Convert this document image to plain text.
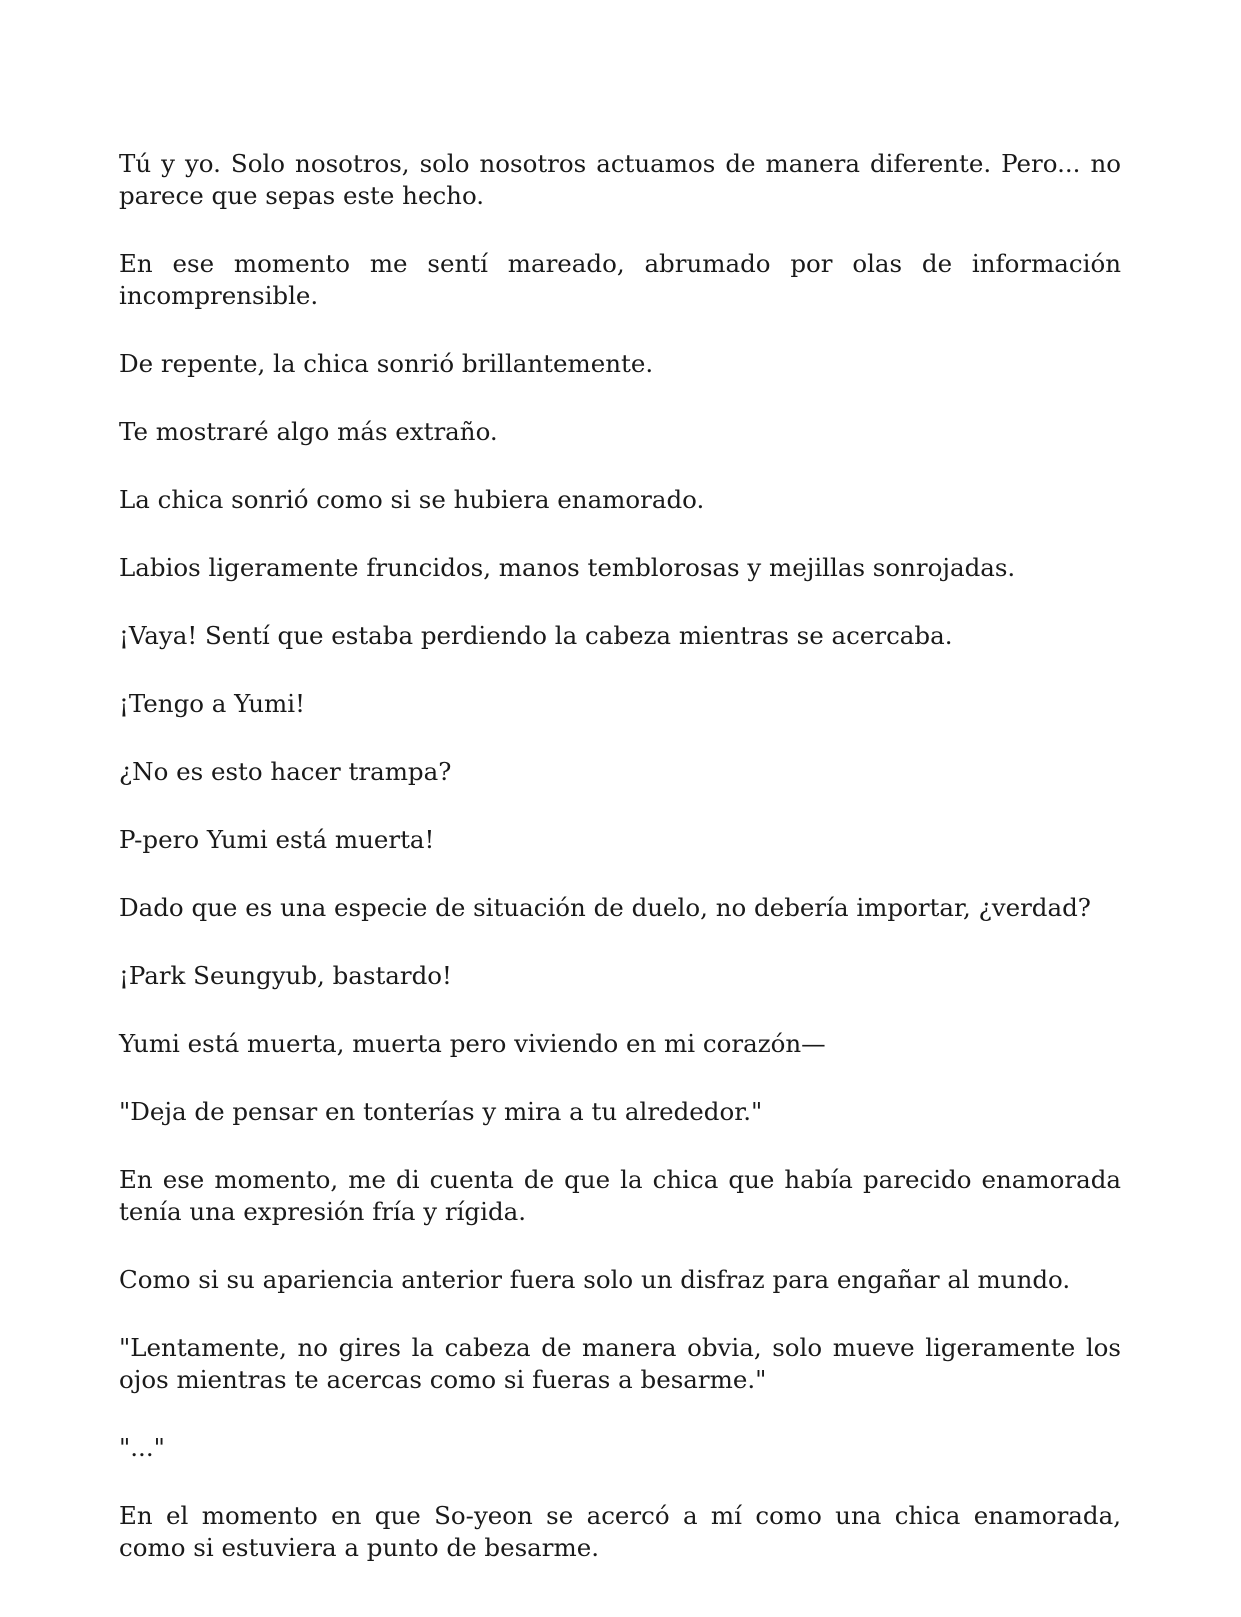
Tú y yo. Solo nosotros, solo nosotros actuamos de manera diferente. Pero... no parece que sepas este hecho.

En ese momento me sentí mareado, abrumado por olas de información incomprensible.

De repente, la chica sonrió brillantemente.

Te mostraré algo más extraño.

La chica sonrió como si se hubiera enamorado.

Labios ligeramente fruncidos, manos temblorosas y mejillas sonrojadas.

¡Vaya! Sentí que estaba perdiendo la cabeza mientras se acercaba.

¡Tengo a Yumi!

¿No es esto hacer trampa?

P-pero Yumi está muerta!

Dado que es una especie de situación de duelo, no debería importar, ¿verdad?

¡Park Seungyub, bastardo!

Yumi está muerta, muerta pero viviendo en mi corazón—

"Deja de pensar en tonterías y mira a tu alrededor."

En ese momento, me di cuenta de que la chica que había parecido enamorada tenía una expresión fría y rígida.

Como si su apariencia anterior fuera solo un disfraz para engañar al mundo.

"Lentamente, no gires la cabeza de manera obvia, solo mueve ligeramente los ojos mientras te acercas como si fueras a besarme."

"..."

En el momento en que So-yeon se acercó a mí como una chica enamorada, como si estuviera a punto de besarme.
